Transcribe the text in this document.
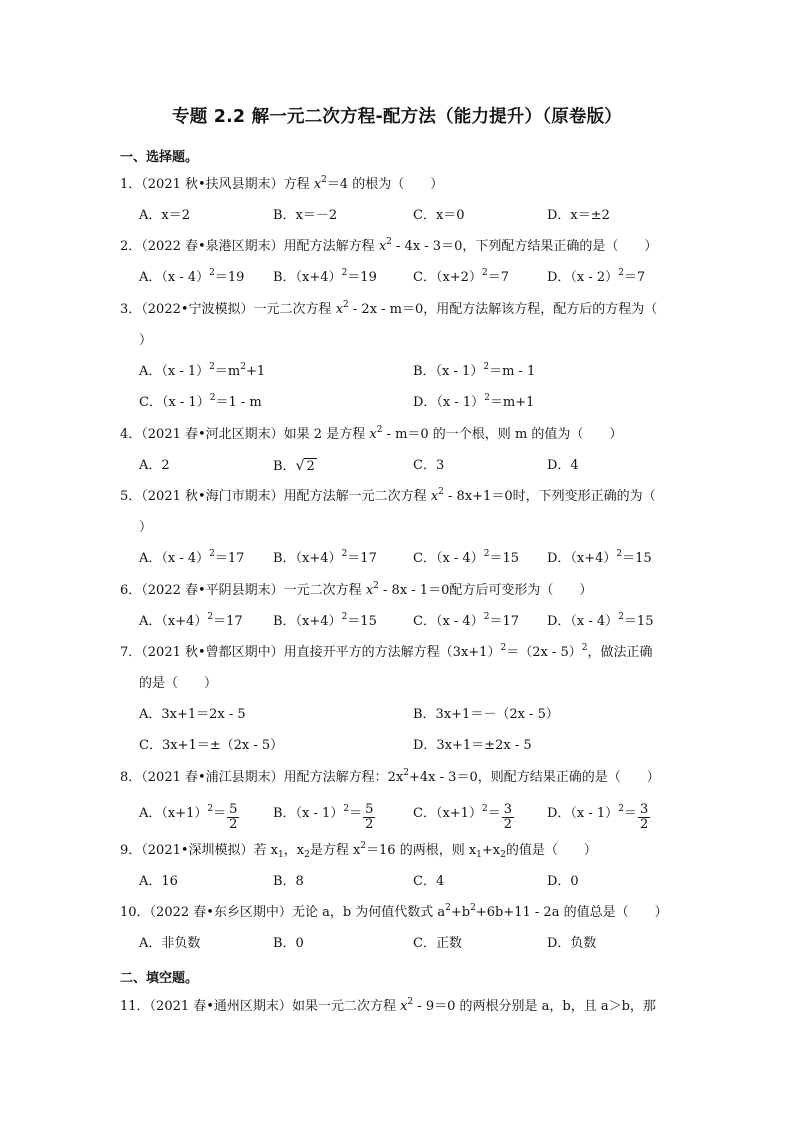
专题 2.2 解一元二次方程-配方法（能力提升）（原卷版）
一、选择题。
1．（2021 秋•扶风县期末）方程 $x^2=4$ 的根为（　　）
A．x＝2	B．x＝－2	C．x＝0	D．x＝±2
2．（2022 春•泉港区期末）用配方法解方程 $x^2 - 4x - 3=0$，下列配方结果正确的是（　　）
A．（x - 4）$^2$＝19 B．$(x+4)^2=19$	C．$(x+2)^2=7$	D．（x - 2）$^2$＝7
3．（2022•宁波模拟）一元二次方程 $x^2 - 2x - m=0$，用配方法解该方程，配方后的方程为（
）
A．$(x - 1)^2=m^2+1$	B．（x - 1）$^2$＝m - 1
C．（x - 1）$^2$＝1 - m	D．（x - 1）$^2$＝m+1
4．（2021 春•河北区期末）如果 2 是方程 $x^2 - m=0$ 的一个根，则 m 的值为（　　）
A．2	B．√ 2	C．3	D．4
5．（2021 秋•海门市期末）用配方法解一元二次方程 $x^2 - 8x+1=0$时，下列变形正确的为（
）
A．（x - 4）$^2$＝17 B．$(x+4)^2=17$	C．（x - 4）$^2$＝15 D．$(x+4)^2=15$
6．（2022 春•平阴县期末）一元二次方程 $x^2 - 8x - 1=0$配方后可变形为（　　）
A．$(x+4)^2=17$ B．$(x+4)^2=15$	C．（x - 4）$^2$＝17 D．（x - 4）$^2$＝15
7．（2021 秋•曾都区期中）用直接开平方的方法解方程$(3x+1)^2=(2x - 5)^2$，做法正确
的是（　　）
A．3x+1＝2x - 5	B．3x+1＝－（2x - 5）
C．3x+1＝±（2x - 5）	D．3x+1＝±2x - 5
8．（2021 春•浦江县期末）用配方法解方程：$2x^2+4x - 3=0$，则配方结果正确的是（　　）
A．$(x+1)^2= \frac{5}{2}$	B．$(x - 1)^2= \frac{5}{2}$	C．$(x+1)^2= \frac{3}{2}$	D．$(x - 1)^2= \frac{3}{2}$
9．（2021•深圳模拟）若 $x_1$，$x_2$是方程 $x^2=16$ 的两根，则 $x_1+x_2$的值是（　　）
A．16	B．8	C．4	D．0
10．（2022 春•东乡区期中）无论 a，b 为何值代数式 $a^2+b^2+6b+11 - 2a$ 的值总是（　　）
A．非负数	B．0	C．正数	D．负数
二、填空题。
11．（2021 春•通州区期末）如果一元二次方程 $x^2 - 9=0$ 的两根分别是 a，b，且 a＞b，那
